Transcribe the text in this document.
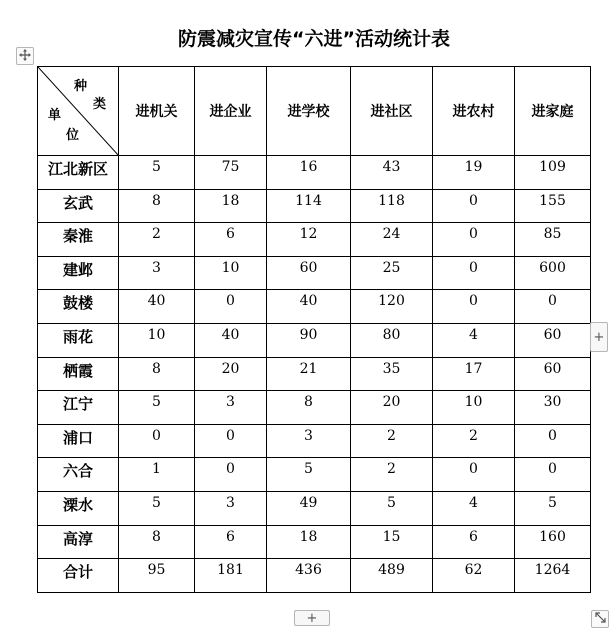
防震减灾宣传“六进”活动统计表
种
类
单
位	进机关	进企业	进学校	进社区	进农村	进家庭
江北新区	5	75	16	43	19	109
玄武	8	18	114	118	0	155
秦淮	2	6	12	24	0	85
建邺	3	10	60	25	0	600
鼓楼	40	0	40	120	0	0
雨花	10	40	90	80	4	60
栖霞	8	20	21	35	17	60
江宁	5	3	8	20	10	30
浦口	0	0	3	2	2	0
六合	1	0	5	2	0	0
溧水	5	3	49	5	4	5
高淳	8	6	18	15	6	160
合计	95	181	436	489	62	1264
+
+
